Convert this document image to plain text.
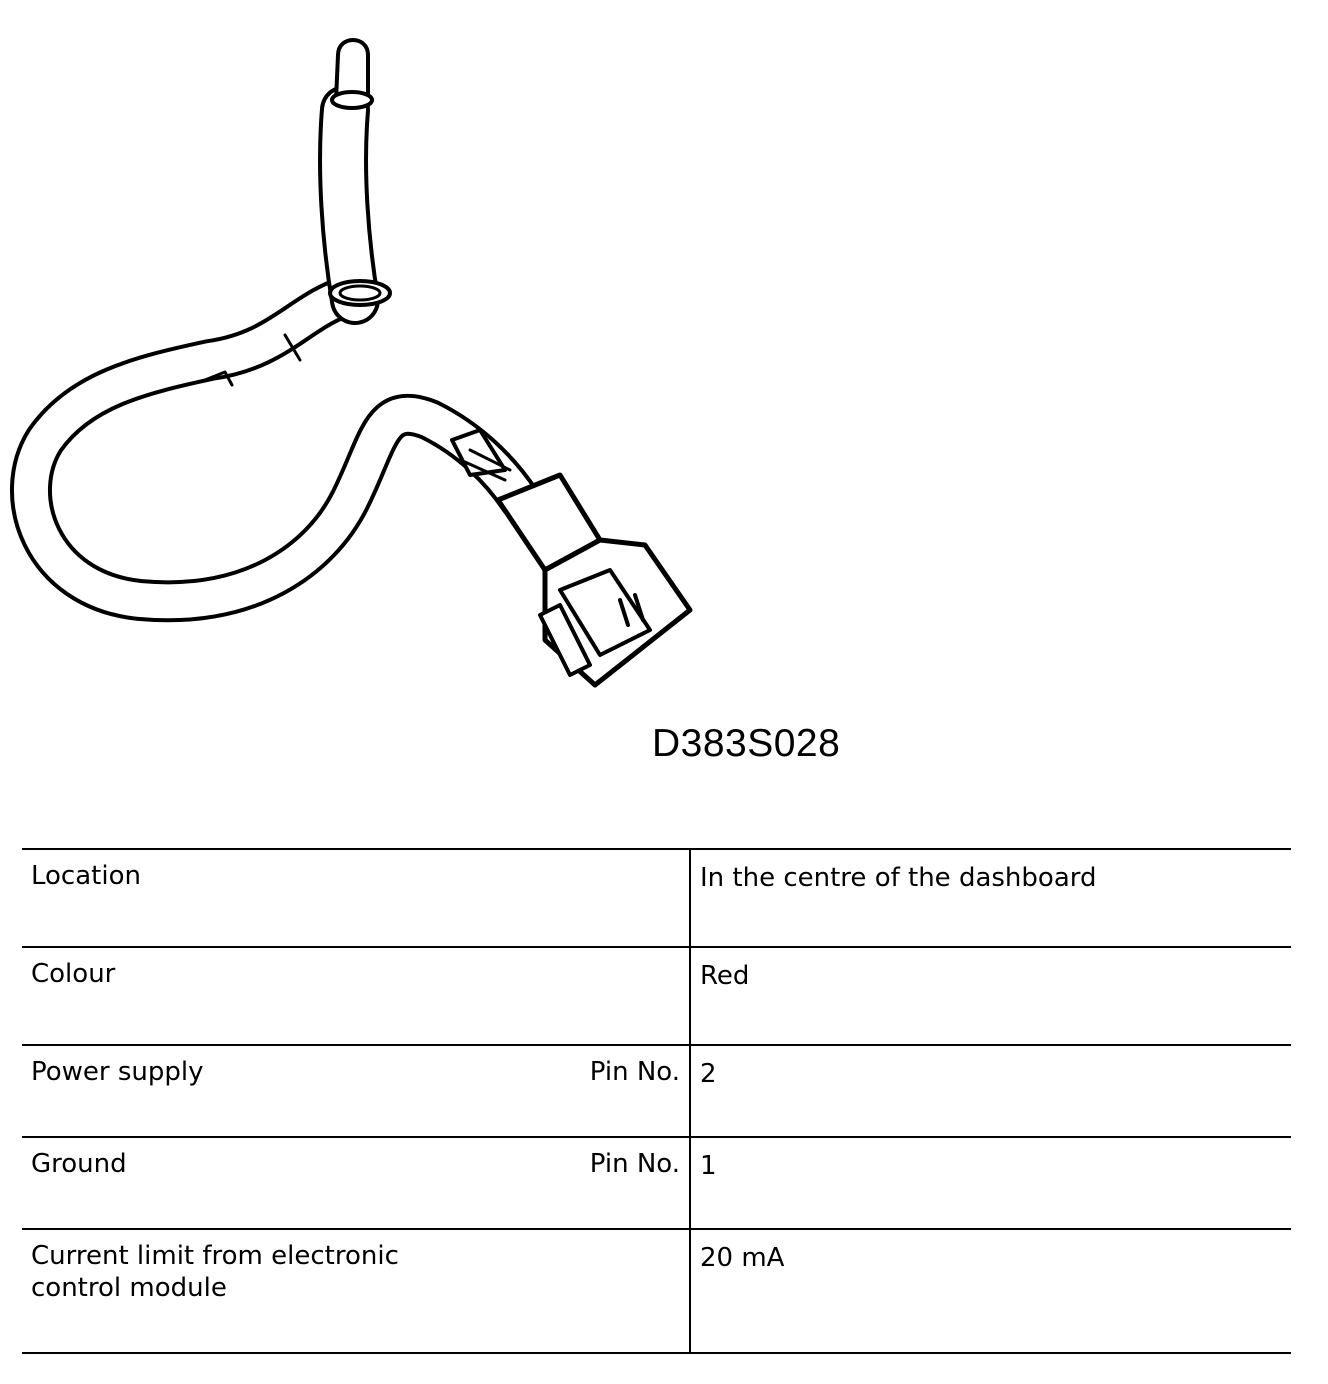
D383S028
Location	In the centre of the dashboard
Colour	Red
Power supply Pin No.	2
Ground Pin No.	1
Current limit from electronic control module	20 mA
